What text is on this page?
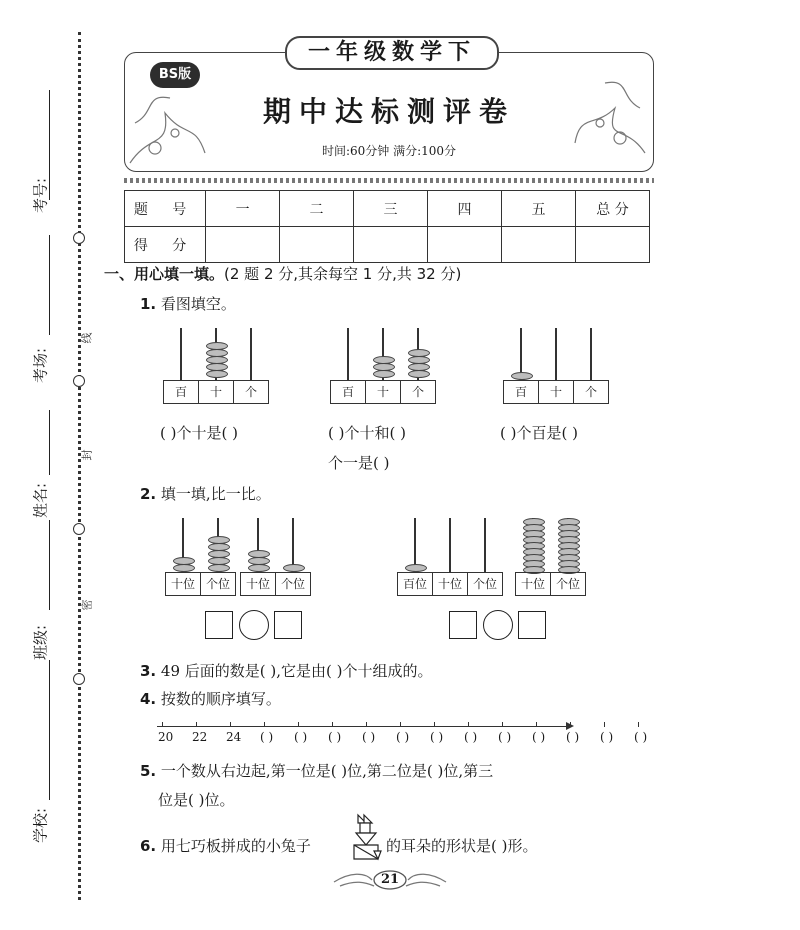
考号:
考场:
姓名:
班级:
学校:
线
封
密
一年级数学下
BS版
期中达标测评卷
时间:60分钟 满分:100分
题 号	一	二	三	四	五	总 分
得 分						
一、用心填一填。(2 题 2 分,其余每空 1 分,共 32 分)
1. 看图填空。
百	十	个	百	十	个	百	十	个
( )个十是( )	( )个十和( )
个一是( )
( )个百是( )
2. 填一填,比一比。
十位 个位	十位 个位	百位 十位 个位	十位 个位
3. 49 后面的数是( ),它是由( )个十组成的。
4. 按数的顺序填写。
20 22 24 ( ) ( ) ( ) ( ) ( ) ( ) ( ) ( ) ( ) ( ) ( ) ( )
5. 一个数从右边起,第一位是( )位,第二位是( )位,第三
位是( )位。
6. 用七巧板拼成的小兔子	的耳朵的形状是( )形。
21
